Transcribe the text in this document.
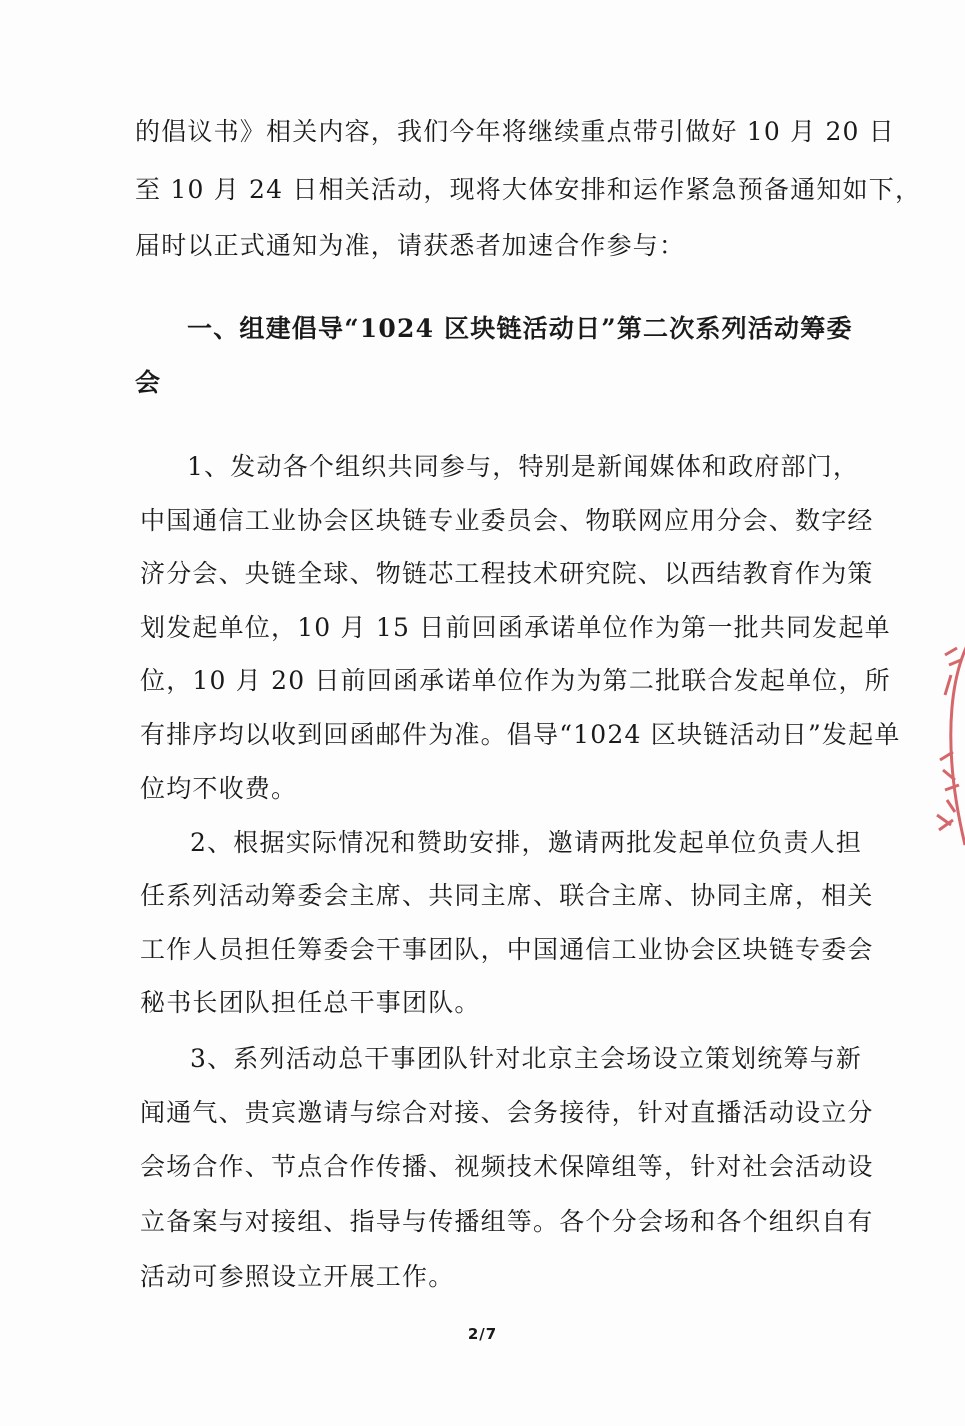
的倡议书》相关内容，我们今年将继续重点带引做好 10 月 20 日
至 10 月 24 日相关活动，现将大体安排和运作紧急预备通知如下，
届时以正式通知为准，请获悉者加速合作参与：
一、组建倡导“1024 区块链活动日”第二次系列活动筹委
会
1、发动各个组织共同参与，特别是新闻媒体和政府部门，
中国通信工业协会区块链专业委员会、物联网应用分会、数字经
济分会、央链全球、物链芯工程技术研究院、以西结教育作为策
划发起单位，10 月 15 日前回函承诺单位作为第一批共同发起单
位，10 月 20 日前回函承诺单位作为为第二批联合发起单位，所
有排序均以收到回函邮件为准。倡导“1024 区块链活动日”发起单
位均不收费。
2、根据实际情况和赞助安排，邀请两批发起单位负责人担
任系列活动筹委会主席、共同主席、联合主席、协同主席，相关
工作人员担任筹委会干事团队，中国通信工业协会区块链专委会
秘书长团队担任总干事团队。
3、系列活动总干事团队针对北京主会场设立策划统筹与新
闻通气、贵宾邀请与综合对接、会务接待，针对直播活动设立分
会场合作、节点合作传播、视频技术保障组等，针对社会活动设
立备案与对接组、指导与传播组等。各个分会场和各个组织自有
活动可参照设立开展工作。
2/7
